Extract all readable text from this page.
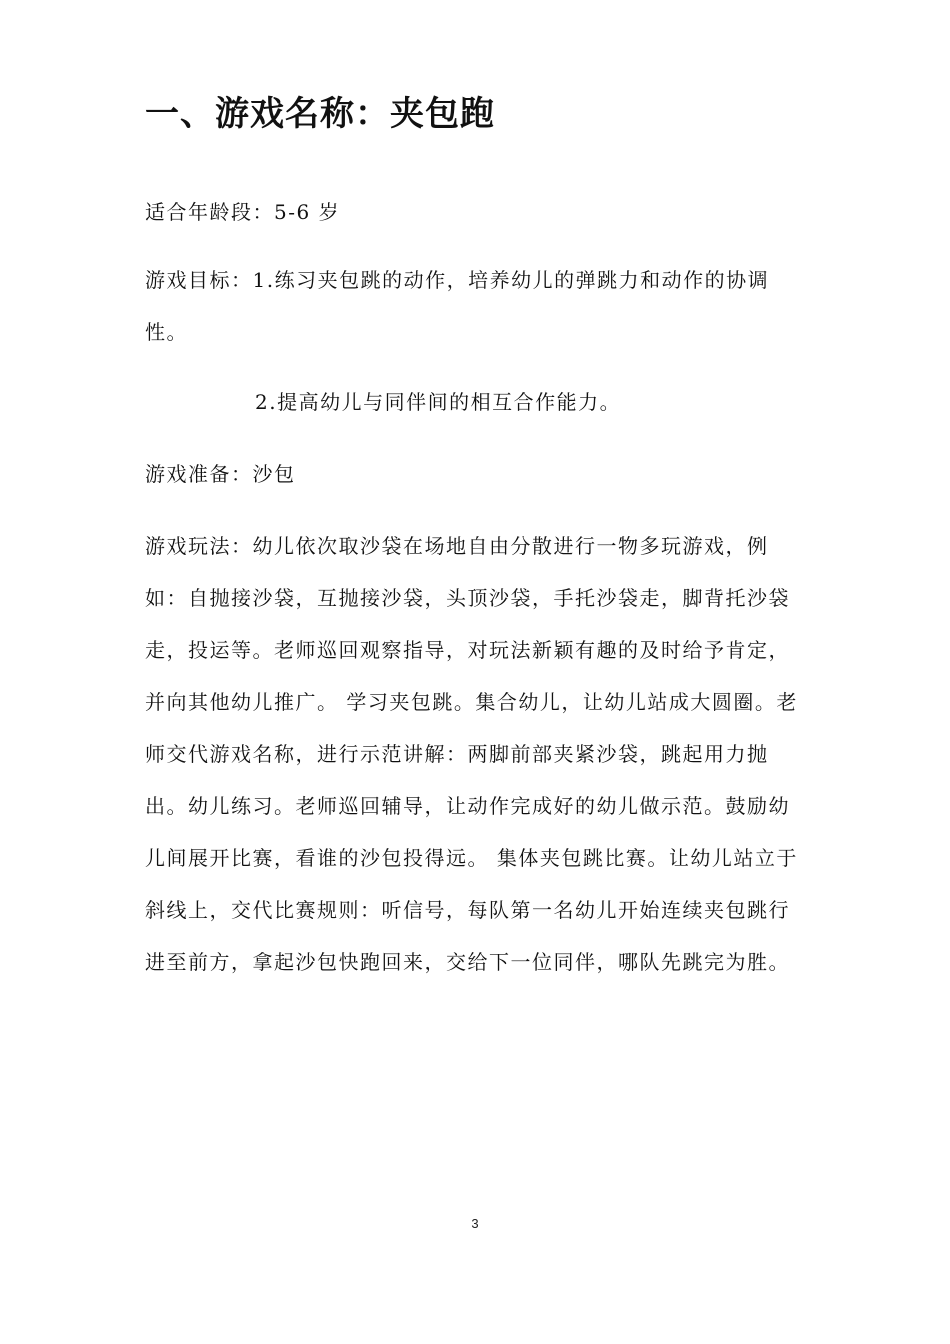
一、游戏名称：夹包跑

适合年龄段：5-6 岁

游戏目标：1.练习夹包跳的动作，培养幼儿的弹跳力和动作的协调性。

2.提高幼儿与同伴间的相互合作能力。

游戏准备：沙包

游戏玩法：幼儿依次取沙袋在场地自由分散进行一物多玩游戏，例如：自抛接沙袋，互抛接沙袋，头顶沙袋，手托沙袋走，脚背托沙袋走，投运等。老师巡回观察指导，对玩法新颖有趣的及时给予肯定，并向其他幼儿推广。 学习夹包跳。集合幼儿，让幼儿站成大圆圈。老师交代游戏名称，进行示范讲解：两脚前部夹紧沙袋，跳起用力抛出。幼儿练习。老师巡回辅导，让动作完成好的幼儿做示范。鼓励幼儿间展开比赛，看谁的沙包投得远。 集体夹包跳比赛。让幼儿站立于斜线上，交代比赛规则：听信号，每队第一名幼儿开始连续夹包跳行进至前方，拿起沙包快跑回来，交给下一位同伴，哪队先跳完为胜。

3
